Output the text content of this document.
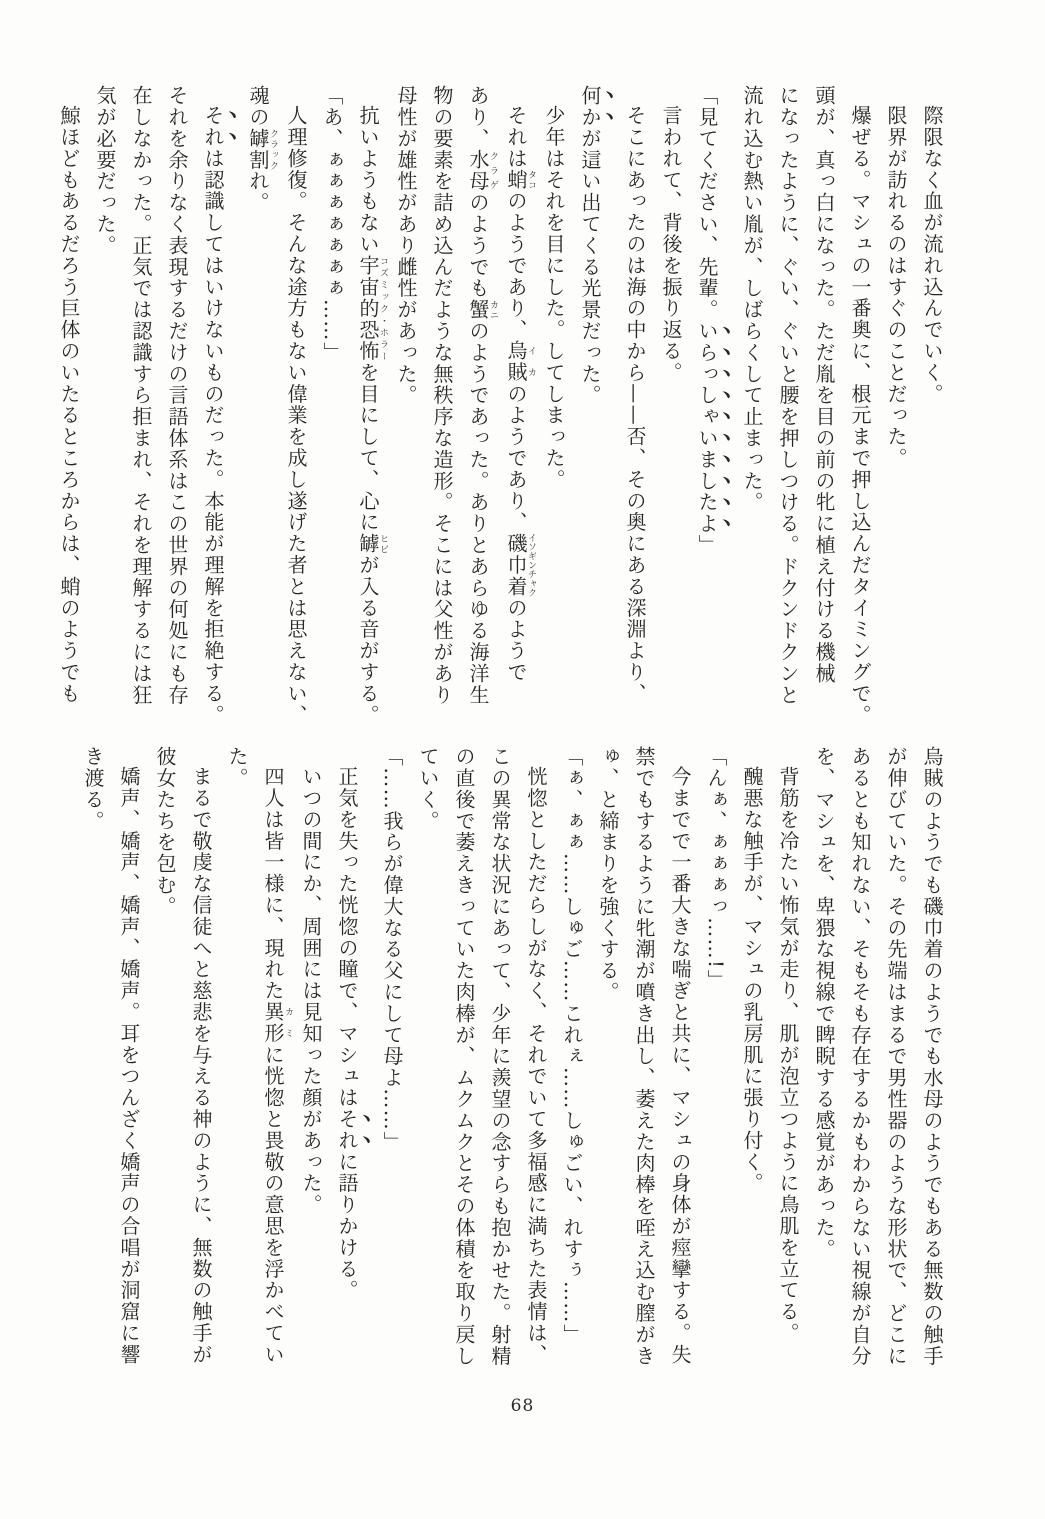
際限なく血が流れ込んでいく。

限界が訪れるのはすぐのことだった。

爆ぜる。マシュの一番奥に、根元まで押し込んだタイミングで。

頭が、真っ白になった。ただ胤を目の前の牝に植え付ける機械

になったように、ぐい、ぐいと腰を押しつける。ドクンドクンと

流れ込む熱い胤が、しばらくして止まった。

「見てください、先輩。いらっしゃいましたよ」

言われて、背後を振り返る。

そこにあったのは海の中から——否、その奥にある深淵より、

何かが這い出てくる光景だった。

少年はそれを目にした。してしまった。

それは蛸タコのようであり、烏賊イカのようであり、磯巾着イソギンチャクのようで

あり、水母クラゲのようでも蟹カニのようであった。ありとあらゆる海洋生

物の要素を詰め込んだような無秩序な造形。そこには父性があり

母性が雄性があり雌性があった。

抗いようもない宇宙的恐怖コズミック・ホラーを目にして、心に罅ヒビが入る音がする。

「あ、ぁぁぁぁぁぁぁ……」

人理修復。そんな途方もない偉業を成し遂げた者とは思えない、

魂の罅割クラックれ。

それは認識してはいけないものだった。本能が理解を拒絶する。

それを余りなく表現するだけの言語体系はこの世界の何処にも存

在しなかった。正気では認識すら拒まれ、それを理解するには狂

気が必要だった。

鯨ほどもあるだろう巨体のいたるところからは、蛸のようでも

烏賊のようでも磯巾着のようでも水母のようでもある無数の触手

が伸びていた。その先端はまるで男性器のような形状で、どこに

あるとも知れない、そもそも存在するかもわからない視線が自分

を、マシュを、卑猥な視線で睥睨する感覚があった。

背筋を冷たい怖気が走り、肌が泡立つように鳥肌を立てる。

醜悪な触手が、マシュの乳房肌に張り付く。

「んぁ、ぁぁぁっ……!」

今までで一番大きな喘ぎと共に、マシュの身体が痙攣する。失

禁でもするように牝潮が噴き出し、萎えた肉棒を咥え込む膣がき

ゅ、と締まりを強くする。

「ぁ、ぁぁ……しゅご……これぇ……しゅごい、れすぅ……」

恍惚としただらしがなく、それでいて多福感に満ちた表情は、

この異常な状況にあって、少年に羨望の念すらも抱かせた。射精

の直後で萎えきっていた肉棒が、ムクムクとその体積を取り戻し

ていく。

「……我らが偉大なる父にして母よ……」

正気を失った恍惚の瞳で、マシュはそれに語りかける。

いつの間にか、周囲には見知った顔があった。

四人は皆一様に、現れた異形カミに恍惚と畏敬の意思を浮かべてい

た。

まるで敬虔な信徒へと慈悲を与える神のように、無数の触手が

彼女たちを包む。

嬌声、嬌声、嬌声、嬌声。耳をつんざく嬌声の合唱が洞窟に響

き渡る。

68
